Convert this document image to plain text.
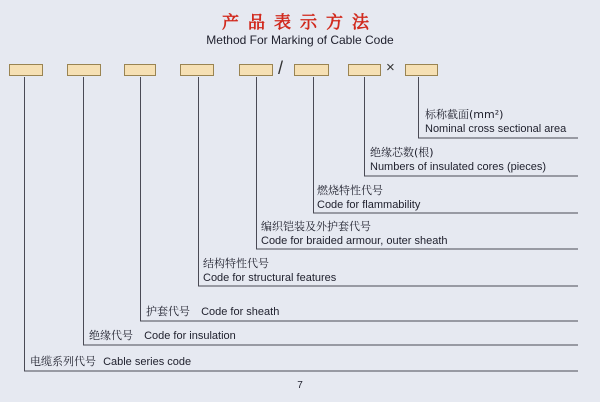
产品表示方法
Method For Marking of Cable Code
/	×
标称截面(mm²)
Nominal cross sectional area
绝缘芯数(根)
Numbers of insulated cores (pieces)
燃烧特性代号
Code for flammability
编织铠装及外护套代号
Code for braided armour, outer sheath
结构特性代号
Code for structural features
护套代号 Code for sheath
绝缘代号 Code for insulation
电缆系列代号 Cable series code
7
